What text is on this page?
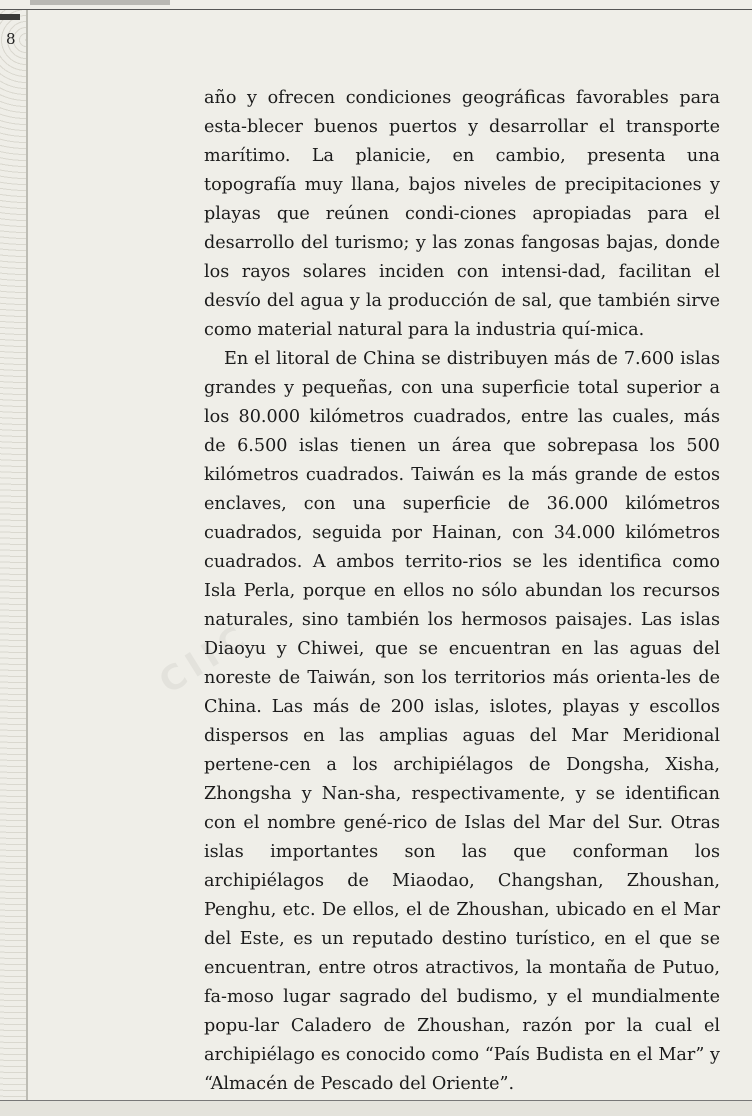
8
CIIC

año y ofrecen condiciones geográficas favorables para esta-blecer buenos puertos y desarrollar el transporte marítimo. La planicie, en cambio, presenta una topografía muy llana, bajos niveles de precipitaciones y playas que reúnen condi-ciones apropiadas para el desarrollo del turismo; y las zonas fangosas bajas, donde los rayos solares inciden con intensi-dad, facilitan el desvío del agua y la producción de sal, que también sirve como material natural para la industria quí-mica.

En el litoral de China se distribuyen más de 7.600 islas grandes y pequeñas, con una superficie total superior a los 80.000 kilómetros cuadrados, entre las cuales, más de 6.500 islas tienen un área que sobrepasa los 500 kilómetros cuadrados. Taiwán es la más grande de estos enclaves, con una superficie de 36.000 kilómetros cuadrados, seguida por Hainan, con 34.000 kilómetros cuadrados. A ambos territo-rios se les identifica como Isla Perla, porque en ellos no sólo abundan los recursos naturales, sino también los hermosos paisajes. Las islas Diaoyu y Chiwei, que se encuentran en las aguas del noreste de Taiwán, son los territorios más orienta-les de China. Las más de 200 islas, islotes, playas y escollos dispersos en las amplias aguas del Mar Meridional pertene-cen a los archipiélagos de Dongsha, Xisha, Zhongsha y Nan-sha, respectivamente, y se identifican con el nombre gené-rico de Islas del Mar del Sur. Otras islas importantes son las que conforman los archipiélagos de Miaodao, Changshan, Zhoushan, Penghu, etc. De ellos, el de Zhoushan, ubicado en el Mar del Este, es un reputado destino turístico, en el que se encuentran, entre otros atractivos, la montaña de Putuo, fa-moso lugar sagrado del budismo, y el mundialmente popu-lar Caladero de Zhoushan, razón por la cual el archipiélago es conocido como “País Budista en el Mar” y “Almacén de Pescado del Oriente”.
